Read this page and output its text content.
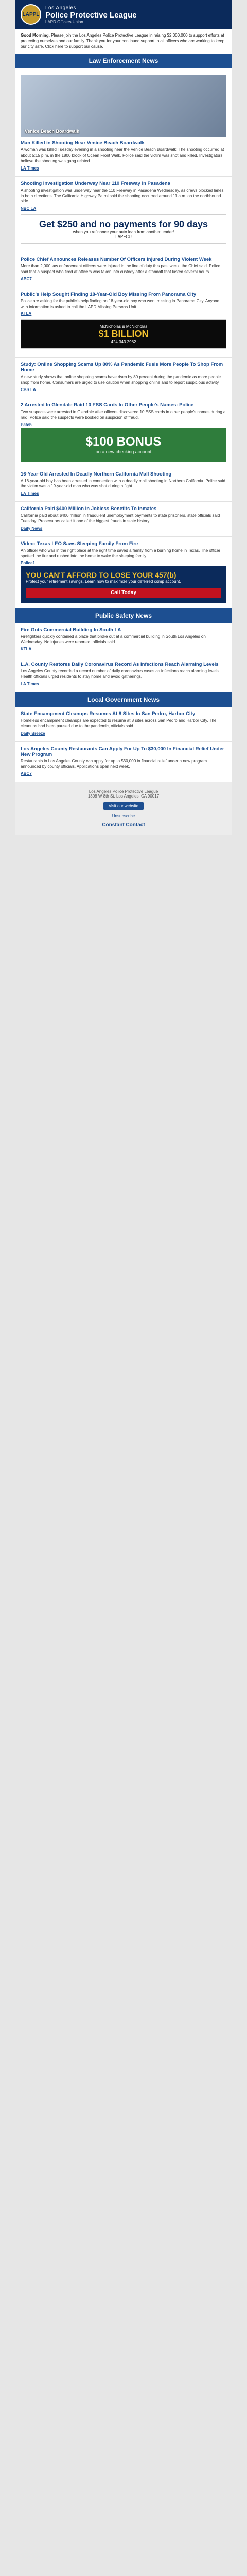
LAPPL
Los Angeles
Police Protective League
LAPD Officers Union
Good Morning, Please join the Los Angeles Police Protective League in raising $2,000,000 to support efforts at protecting ourselves and our family. Thank you for your continued support to all officers who are working to keep our city safe. Click here to support our cause.
Law Enforcement News
Venice Beach Boardwalk
Man Killed in Shooting Near Venice Beach Boardwalk
A woman was killed Tuesday evening in a shooting near the Venice Beach Boardwalk. The shooting occurred at about 5:15 p.m. in the 1800 block of Ocean Front Walk. Police said the victim was shot and killed. Investigators believe the shooting was gang related.
LA Times
Shooting Investigation Underway Near 110 Freeway in Pasadena
A shooting investigation was underway near the 110 Freeway in Pasadena Wednesday, as crews blocked lanes in both directions. The California Highway Patrol said the shooting occurred around 11 a.m. on the northbound side.
NBC LA
Get $250 and no payments for 90 days
when you refinance your auto loan from another lender!
LAPFCU
Police Chief Announces Releases Number Of Officers Injured During Violent Week
More than 2,000 law enforcement officers were injured in the line of duty this past week, the Chief said. Police said that a suspect who fired at officers was taken into custody after a standoff that lasted several hours.
ABC7
Public's Help Sought Finding 18-Year-Old Boy Missing From Panorama City
Police are asking for the public's help finding an 18-year-old boy who went missing in Panorama City. Anyone with information is asked to call the LAPD Missing Persons Unit.
KTLA
McNicholas & McNicholas
$1 BILLION
424.343.2982
Study: Online Shopping Scams Up 80% As Pandemic Fuels More People To Shop From Home
A new study shows that online shopping scams have risen by 80 percent during the pandemic as more people shop from home. Consumers are urged to use caution when shopping online and to report suspicious activity.
CBS LA
2 Arrested In Glendale Raid 10 ESS Cards In Other People's Names: Police
Two suspects were arrested in Glendale after officers discovered 10 ESS cards in other people's names during a raid. Police said the suspects were booked on suspicion of fraud.
Patch
$100 BONUS
on a new checking account
16-Year-Old Arrested In Deadly Northern California Mall Shooting
A 16-year-old boy has been arrested in connection with a deadly mall shooting in Northern California. Police said the victim was a 19-year-old man who was shot during a fight.
LA Times
California Paid $400 Million In Jobless Benefits To Inmates
California paid about $400 million in fraudulent unemployment payments to state prisoners, state officials said Tuesday. Prosecutors called it one of the biggest frauds in state history.
Daily News
Video: Texas LEO Saws Sleeping Family From Fire
An officer who was in the right place at the right time saved a family from a burning home in Texas. The officer spotted the fire and rushed into the home to wake the sleeping family.
Police1
YOU CAN'T AFFORD TO LOSE YOUR 457(b)
Protect your retirement savings. Learn how to maximize your deferred comp account.
Call Today
Public Safety News
Fire Guts Commercial Building In South LA
Firefighters quickly contained a blaze that broke out at a commercial building in South Los Angeles on Wednesday. No injuries were reported, officials said.
KTLA
L.A. County Restores Daily Coronavirus Record As Infections Reach Alarming Levels
Los Angeles County recorded a record number of daily coronavirus cases as infections reach alarming levels. Health officials urged residents to stay home and avoid gatherings.
LA Times
Local Government News
State Encampment Cleanups Resumes At 8 Sites In San Pedro, Harbor City
Homeless encampment cleanups are expected to resume at 8 sites across San Pedro and Harbor City. The cleanups had been paused due to the pandemic, officials said.
Daily Breeze
Los Angeles County Restaurants Can Apply For Up To $30,000 In Financial Relief Under New Program
Restaurants in Los Angeles County can apply for up to $30,000 in financial relief under a new program announced by county officials. Applications open next week.
ABC7
Los Angeles Police Protective League
1308 W 8th St, Los Angeles, CA 90017
Visit our website
Unsubscribe
Constant Contact
